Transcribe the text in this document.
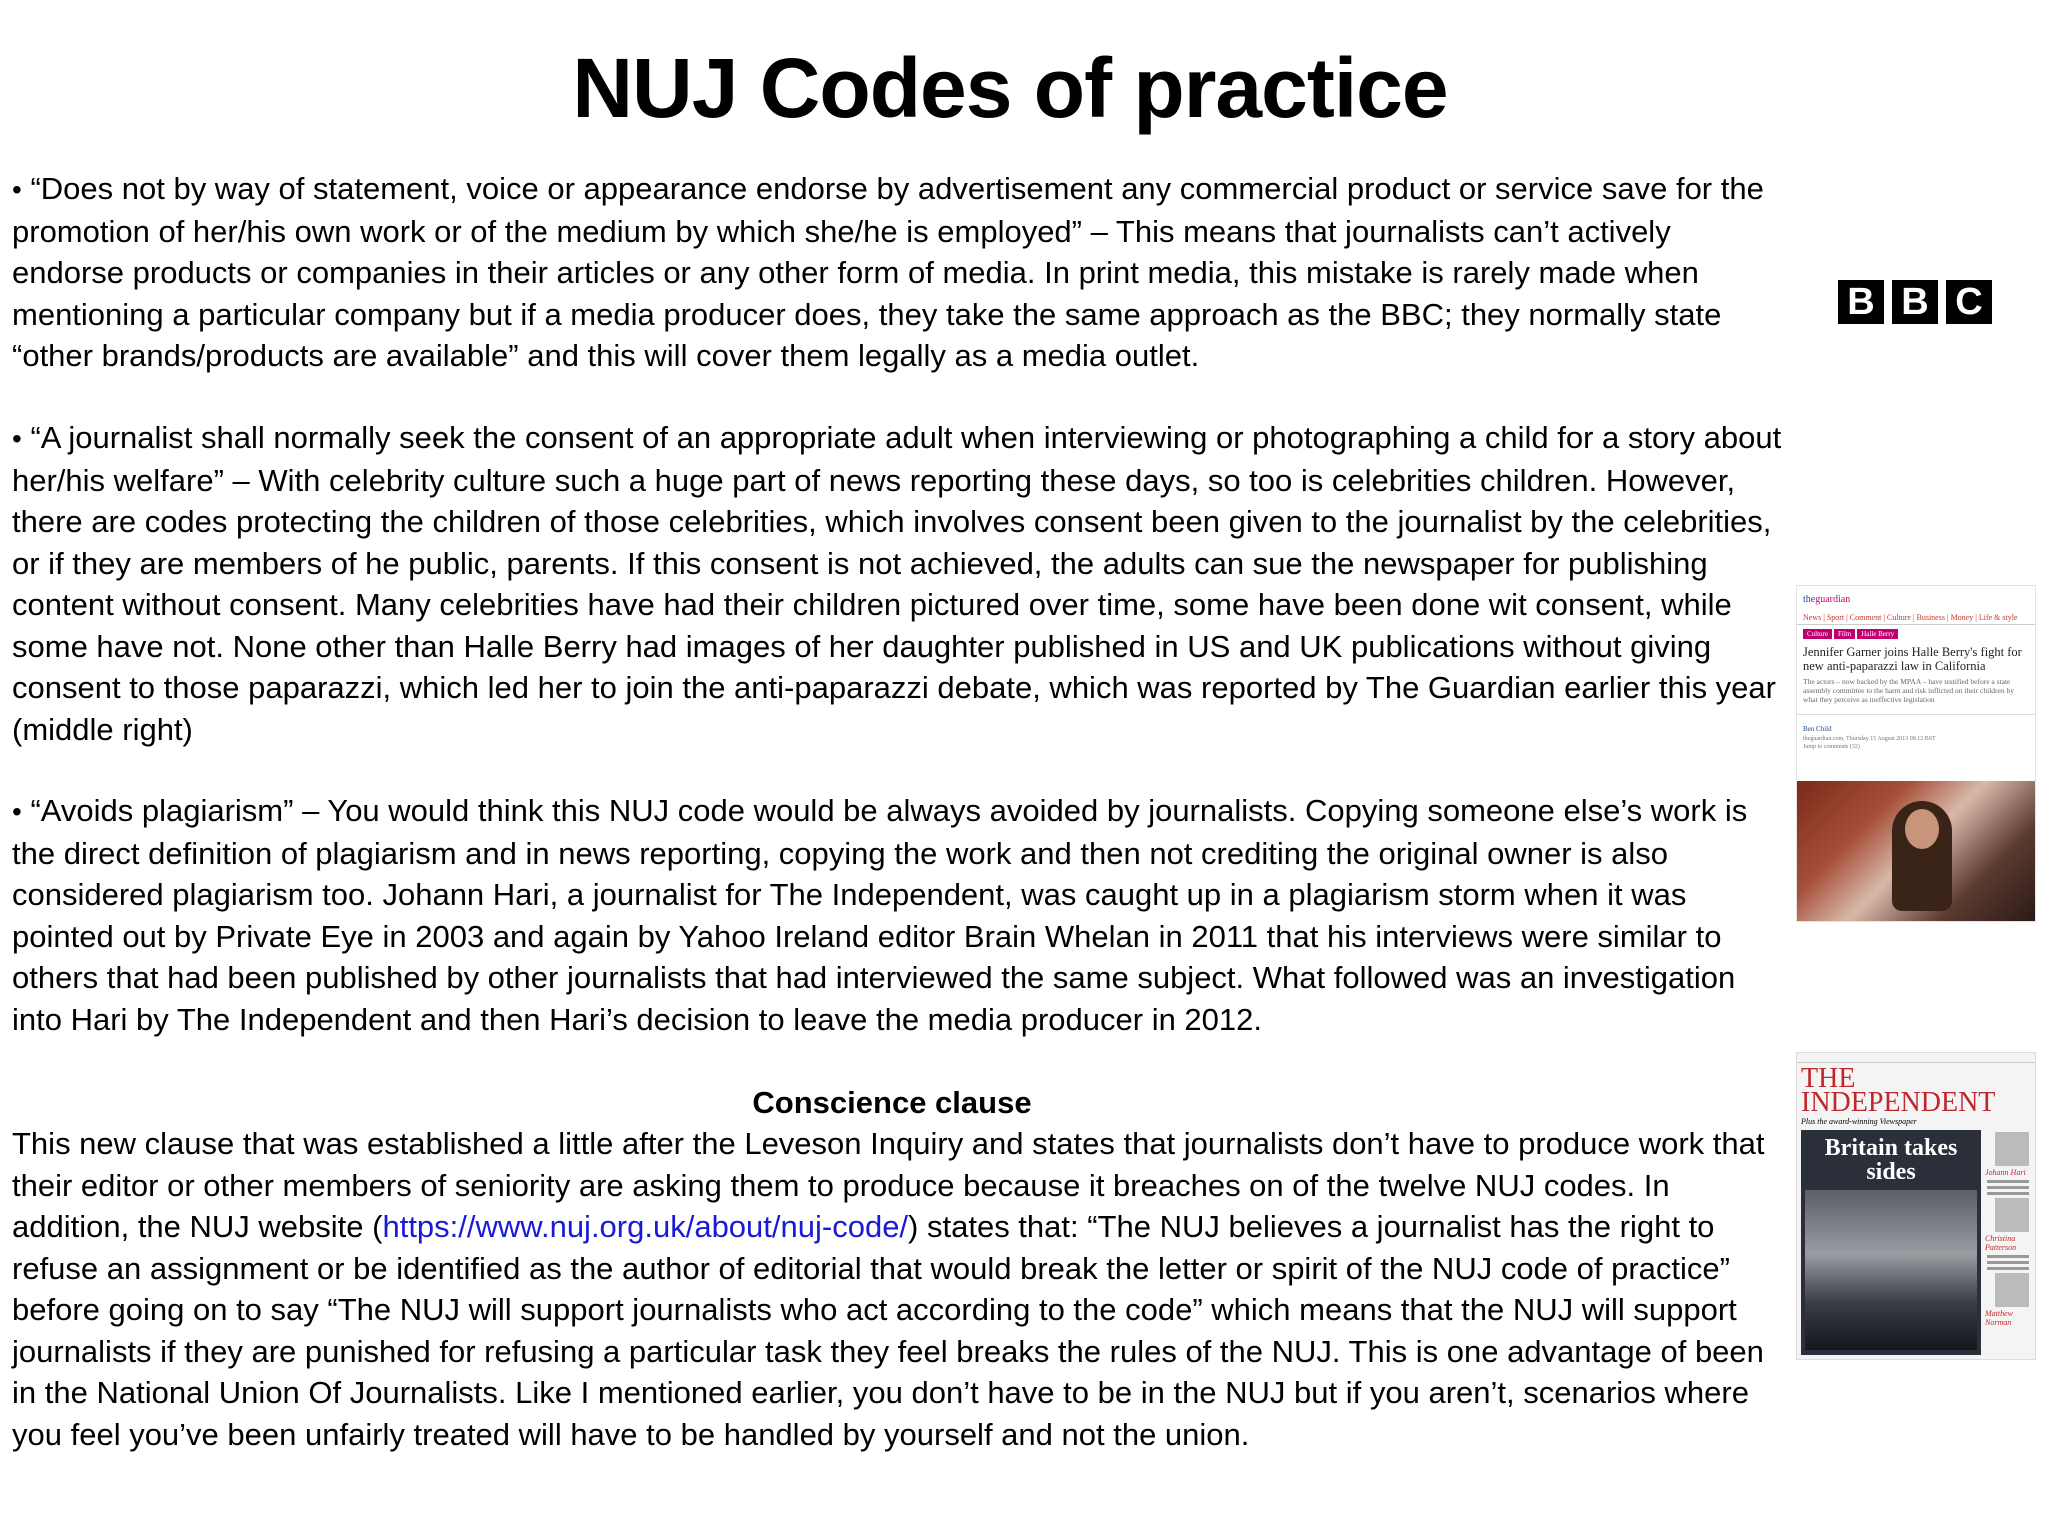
NUJ Codes of practice

• “Does not by way of statement, voice or appearance endorse by advertisement any commercial product or service save for the promotion of her/his own work or of the medium by which she/he is employed” – This means that journalists can’t actively endorse products or companies in their articles or any other form of media. In print media, this mistake is rarely made when mentioning a particular company but if a media producer does, they take the same approach as the BBC; they normally state “other brands/products are available” and this will cover them legally as a media outlet.

• “A journalist shall normally seek the consent of an appropriate adult when interviewing or photographing a child for a story about her/his welfare” – With celebrity culture such a huge part of news reporting these days, so too is celebrities children. However, there are codes protecting the children of those celebrities, which involves consent been given to the journalist by the celebrities, or if they are members of he public, parents. If this consent is not achieved, the adults can sue the newspaper for publishing content without consent. Many celebrities have had their children pictured over time, some have been done wit consent, while some have not. None other than Halle Berry had images of her daughter published in US and UK publications without giving consent to those paparazzi, which led her to join the anti-paparazzi debate, which was reported by The Guardian earlier this year (middle right)

• “Avoids plagiarism” – You would think this NUJ code would be always avoided by journalists. Copying someone else’s work is the direct definition of plagiarism and in news reporting, copying the work and then not crediting the original owner is also considered plagiarism too. Johann Hari, a journalist for The Independent, was caught up in a plagiarism storm when it was pointed out by Private Eye in 2003 and again by Yahoo Ireland editor Brain Whelan in 2011 that his interviews were similar to others that had been published by other journalists that had interviewed the same subject. What followed was an investigation into Hari by The Independent and then Hari’s decision to leave the media producer in 2012.

Conscience clause

This new clause that was established a little after the Leveson Inquiry and states that journalists don’t have to produce work that their editor or other members of seniority are asking them to produce because it breaches on of the twelve NUJ codes. In addition, the NUJ website (https://www.nuj.org.uk/about/nuj-code/) states that: “The NUJ believes a journalist has the right to refuse an assignment or be identified as the author of editorial that would break the letter or spirit of the NUJ code of practice” before going on to say “The NUJ will support journalists who act according to the code” which means that the NUJ will support journalists if they are punished for refusing a particular task they feel breaks the rules of the NUJ. This is one advantage of been in the National Union Of Journalists. Like I mentioned earlier, you don’t have to be in the NUJ but if you aren’t, scenarios where you feel you’ve been unfairly treated will have to be handled by yourself and not the union.

B B C
theguardian
News | Sport | Comment | Culture | Business | Money | Life & style
Culture	Film	Halle Berry
Jennifer Garner joins Halle Berry's fight for new anti-paparazzi law in California
The actors – now backed by the MPAA – have testified before a state assembly committee to the harm and risk inflicted on their children by what they perceive as ineffective legislation
Ben Child
theguardian.com, Thursday 15 August 2013 08.12 BST
Jump to comments (32)

THE INDEPENDENT
Plus the award-winning Viewspaper
Britain takes sides	Johann Hari
Christina Patterson
Matthew Norman
